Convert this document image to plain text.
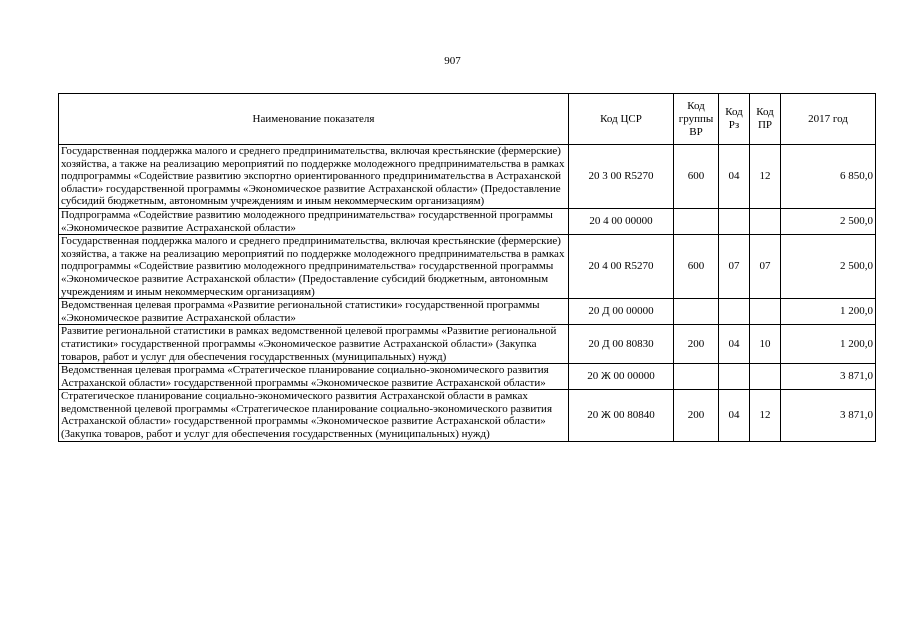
907
Наименование показателя	Код ЦСР	Код группы ВР	Код Рз	Код ПР	2017 год
Государственная поддержка малого и среднего предпринимательства, включая крестьянские (фермерские) хозяйства, а также на реализацию мероприятий по поддержке молодежного предпринимательства в рамках подпрограммы «Содействие развитию экспортно ориентированного предпринимательства в Астраханской области» государственной программы «Экономическое развитие Астраханской области» (Предоставление субсидий бюджетным, автономным учреждениям и иным некоммерческим организациям)	20 3 00 R5270	600	04	12	6 850,0
Подпрограмма «Содействие развитию молодежного предпринимательства» государственной программы «Экономическое развитие Астраханской области»	20 4 00 00000				2 500,0
Государственная поддержка малого и среднего предпринимательства, включая крестьянские (фермерские) хозяйства, а также на реализацию мероприятий по поддержке молодежного предпринимательства в рамках подпрограммы «Содействие развитию молодежного предпринимательства» государственной программы «Экономическое развитие Астраханской области» (Предоставление субсидий бюджетным, автономным учреждениям и иным некоммерческим организациям)	20 4 00 R5270	600	07	07	2 500,0
Ведомственная целевая программа «Развитие региональной статистики» государственной программы «Экономическое развитие Астраханской области»	20 Д 00 00000				1 200,0
Развитие региональной статистики в рамках ведомственной целевой программы «Развитие региональной статистики» государственной программы «Экономическое развитие Астраханской области» (Закупка товаров, работ и услуг для обеспечения государственных (муниципальных) нужд)	20 Д 00 80830	200	04	10	1 200,0
Ведомственная целевая программа «Стратегическое планирование социально-экономического развития Астраханской области» государственной программы «Экономическое развитие Астраханской области»	20 Ж 00 00000				3 871,0
Стратегическое планирование социально-экономического развития Астраханской области в рамках ведомственной целевой программы «Стратегическое планирование социально-экономического развития Астраханской области» государственной программы «Экономическое развитие Астраханской области» (Закупка товаров, работ и услуг для обеспечения государственных (муниципальных) нужд)	20 Ж 00 80840	200	04	12	3 871,0
